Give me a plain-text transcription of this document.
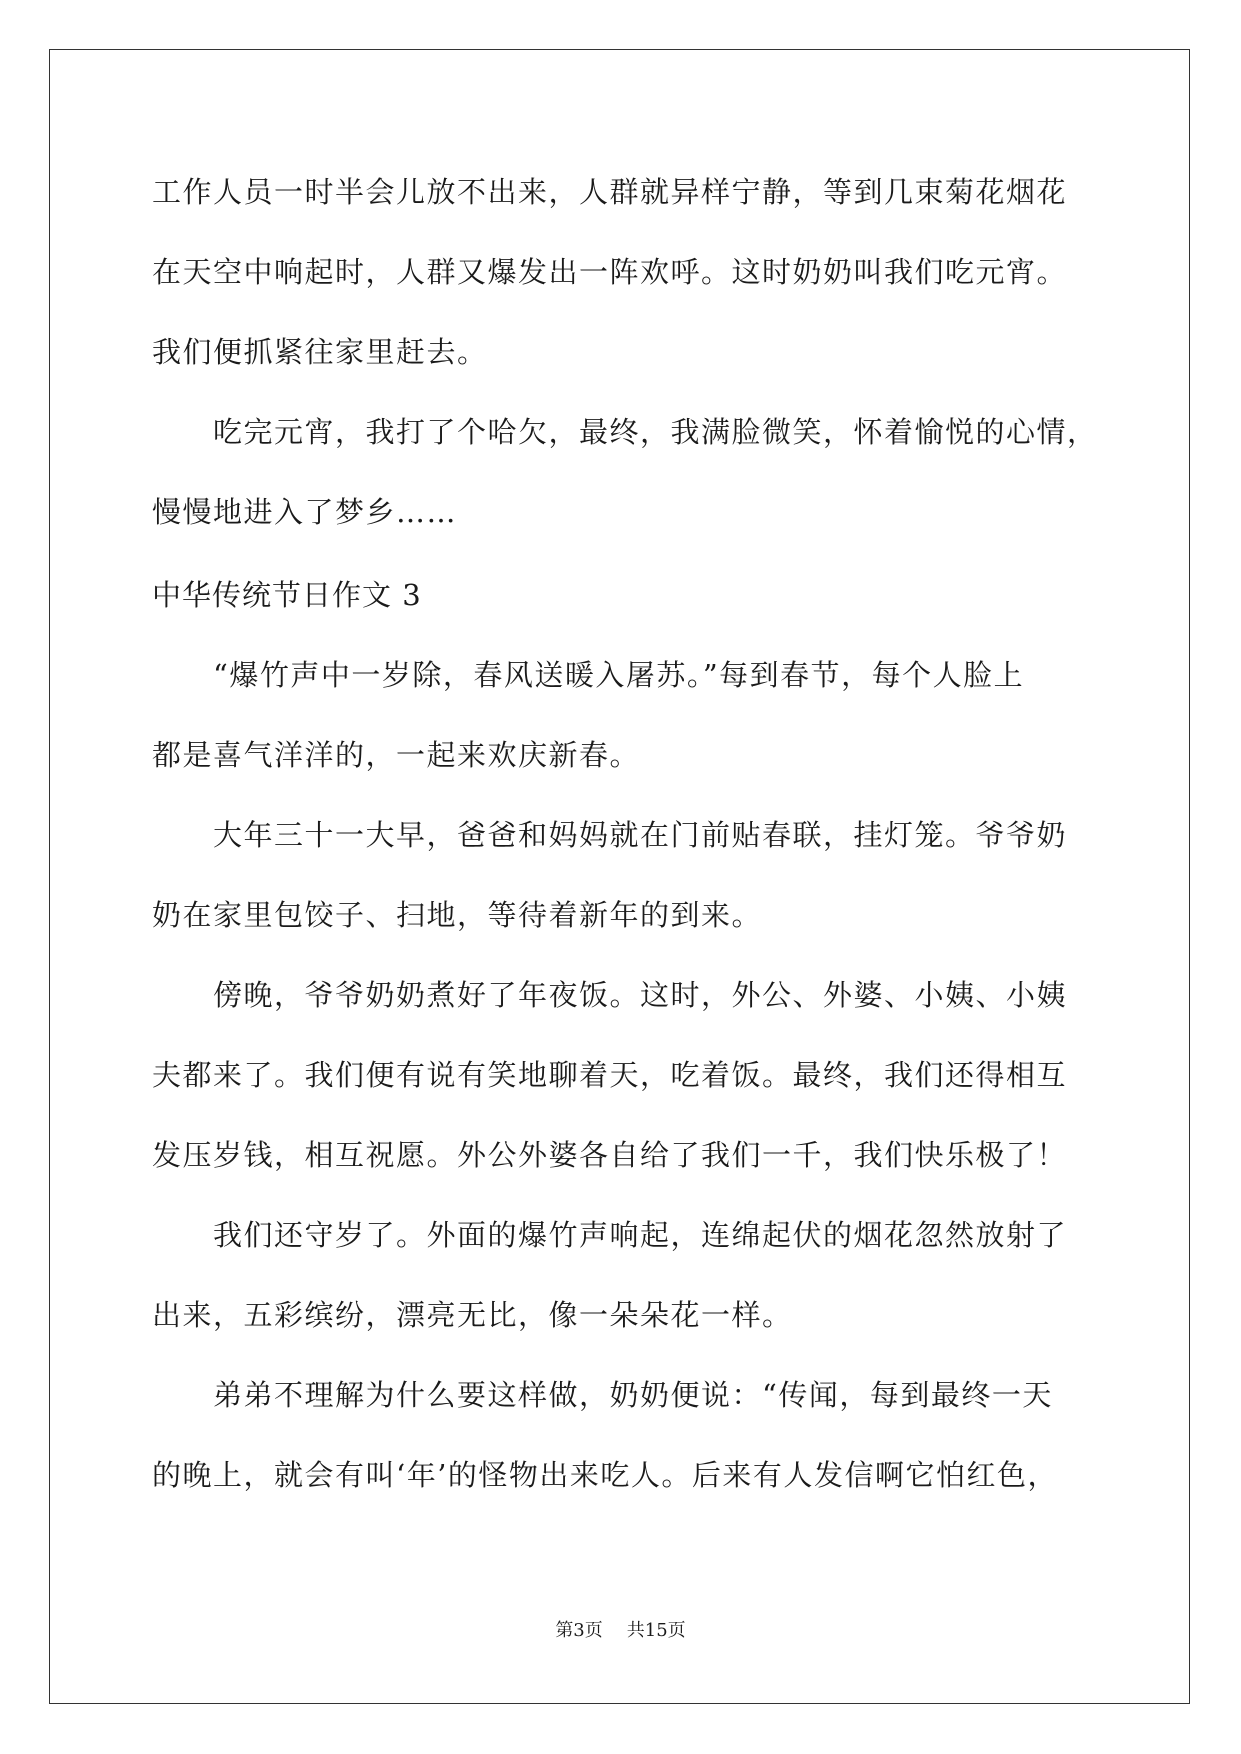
工作人员一时半会儿放不出来，人群就异样宁静，等到几束菊花烟花
在天空中响起时，人群又爆发出一阵欢呼。这时奶奶叫我们吃元宵。
我们便抓紧往家里赶去。
　　吃完元宵，我打了个哈欠，最终，我满脸微笑，怀着愉悦的心情，
慢慢地进入了梦乡……
中华传统节日作文 3
　　“爆竹声中一岁除，春风送暖入屠苏。”每到春节，每个人脸上
都是喜气洋洋的，一起来欢庆新春。
　　大年三十一大早，爸爸和妈妈就在门前贴春联，挂灯笼。爷爷奶
奶在家里包饺子、扫地，等待着新年的到来。
　　傍晚，爷爷奶奶煮好了年夜饭。这时，外公、外婆、小姨、小姨
夫都来了。我们便有说有笑地聊着天，吃着饭。最终，我们还得相互
发压岁钱，相互祝愿。外公外婆各自给了我们一千，我们快乐极了！
　　我们还守岁了。外面的爆竹声响起，连绵起伏的烟花忽然放射了
出来，五彩缤纷，漂亮无比，像一朵朵花一样。
　　弟弟不理解为什么要这样做，奶奶便说：“传闻，每到最终一天
的晚上，就会有叫‘年’的怪物出来吃人。后来有人发信啊它怕红色，
第3页 共15页
